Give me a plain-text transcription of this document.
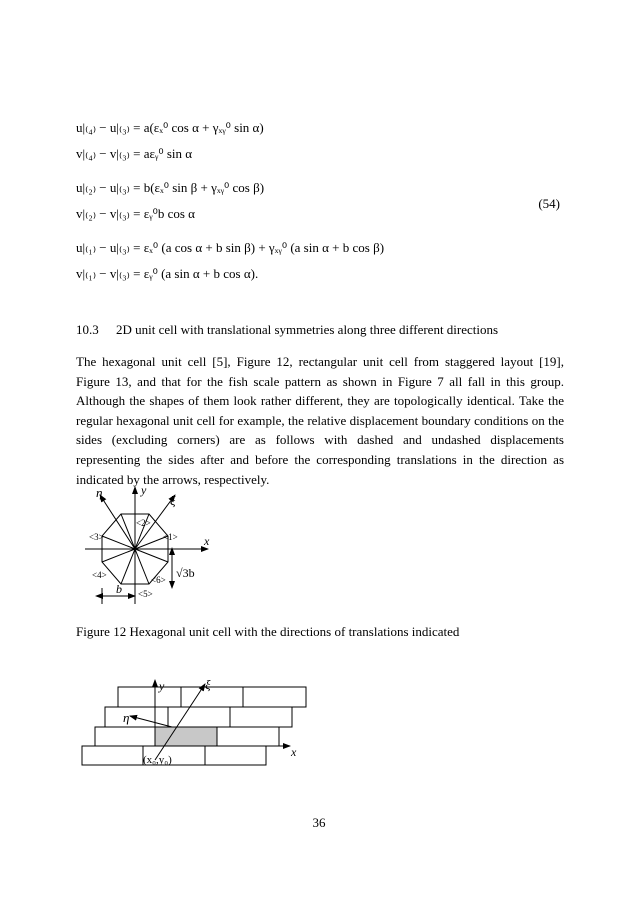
u|₍₄₎ − u|₍₃₎ = a(εₓ⁰ cos α + γₓᵧ⁰ sin α)
v|₍₄₎ − v|₍₃₎ = aεᵧ⁰ sin α
u|₍₂₎ − u|₍₃₎ = b(εₓ⁰ sin β + γₓᵧ⁰ cos β)
v|₍₂₎ − v|₍₃₎ = εᵧ⁰b cos α
(54)
u|₍₁₎ − u|₍₃₎ = εₓ⁰ (a cos α + b sin β) + γₓᵧ⁰ (a sin α + b cos β)
v|₍₁₎ − v|₍₃₎ = εᵧ⁰ (a sin α + b cos α).
10.3 2D unit cell with translational symmetries along three different directions
The hexagonal unit cell [5], Figure 12, rectangular unit cell from staggered layout [19], Figure 13, and that for the fish scale pattern as shown in Figure 7 all fall in this group. Although the shapes of them look rather different, they are topologically identical. Take the regular hexagonal unit cell for example, the relative displacement boundary conditions on the sides (excluding corners) are as follows with dashed and undashed displacements representing the sides after and before the corresponding translations in the direction as indicated by the arrows, respectively.
η	y
ξ
x
<2>
<1>
<3>
<4>	<6>
<5>
b
√3b
Figure 12 Hexagonal unit cell with the directions of translations indicated
y	ξ
η
x
(x₀,y₀)
36
